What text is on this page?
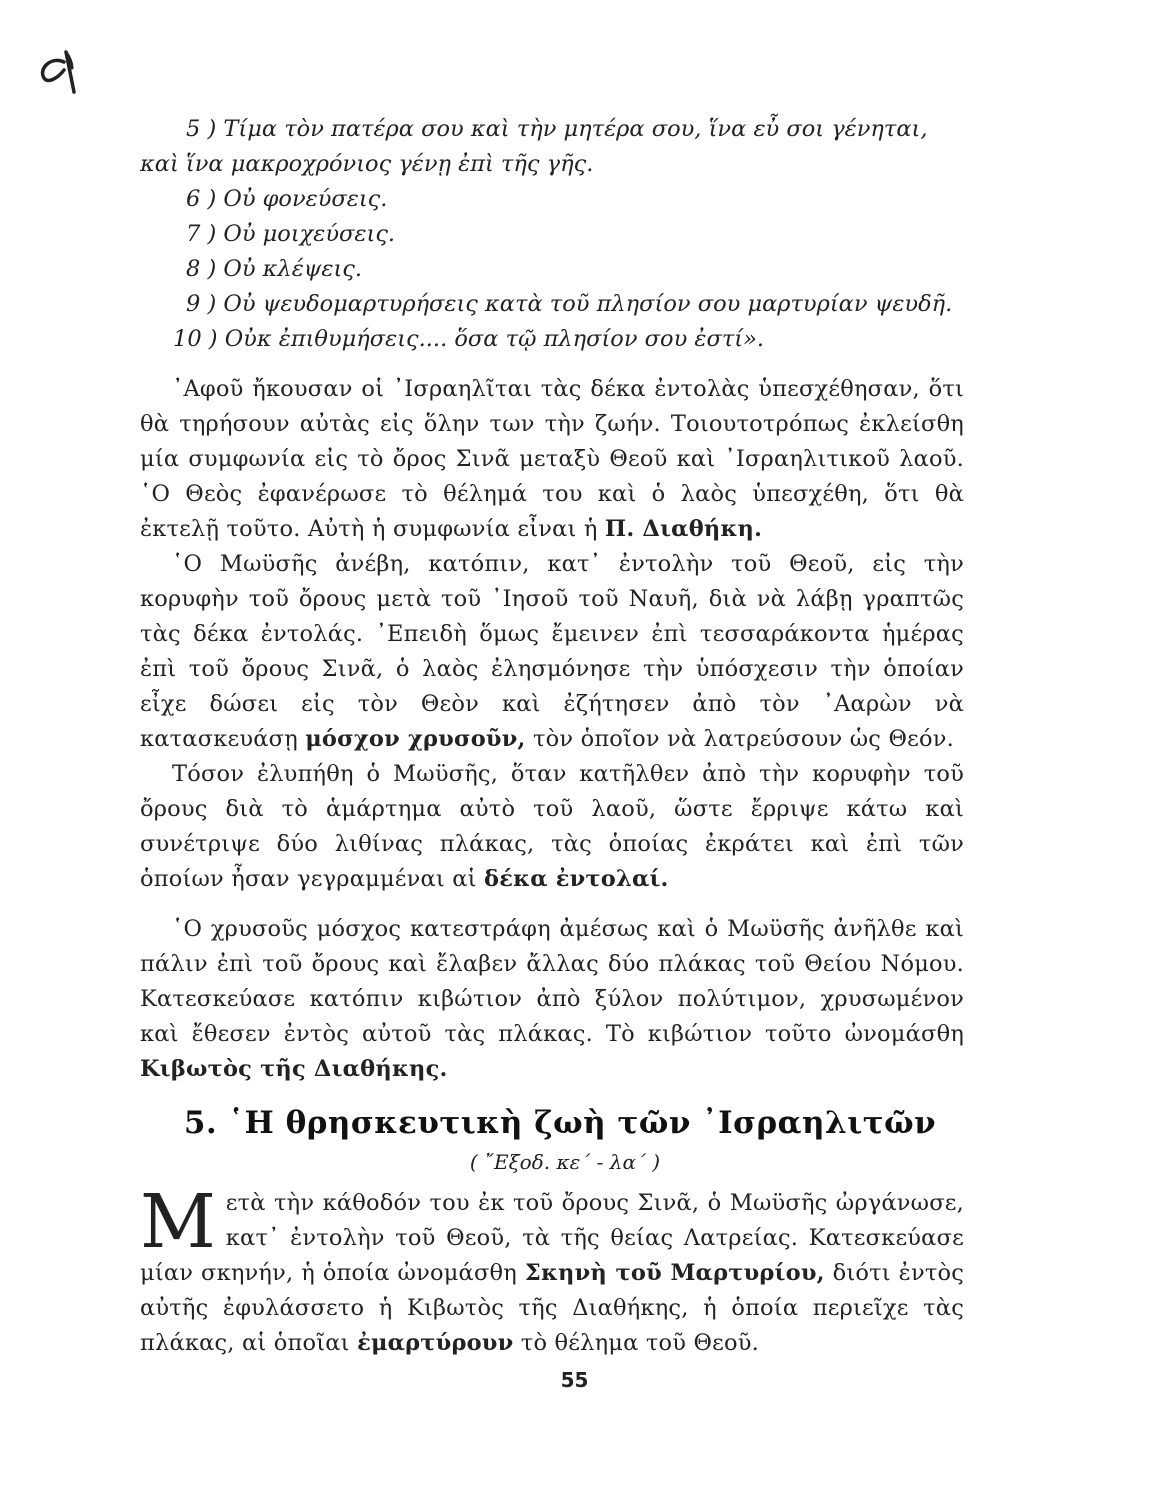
5 ) Τίμα τὸν πατέρα σου καὶ τὴν μητέρα σου, ἵνα εὖ σοι γένηται,
καὶ ἵνα μακροχρόνιος γένῃ ἐπὶ τῆς γῆς.
6 ) Οὐ φονεύσεις.
7 ) Οὐ μοιχεύσεις.
8 ) Οὐ κλέψεις.
9 ) Οὐ ψευδομαρτυρήσεις κατὰ τοῦ πλησίον σου μαρτυρίαν ψευδῆ.
10 ) Οὐκ ἐπιθυμήσεις.... ὅσα τῷ πλησίον σου ἐστί».

᾿Αφοῦ ἤκουσαν οἱ ᾿Ισραηλῖται τὰς δέκα ἐντολὰς ὑπεσχέθησαν, ὅτι θὰ τηρήσουν αὐτὰς εἰς ὅλην των τὴν ζωήν. Τοιουτοτρόπως ἐκλείσθη μία συμφωνία εἰς τὸ ὄρος Σινᾶ μεταξὺ Θεοῦ καὶ ᾿Ισραηλιτικοῦ λαοῦ. ῾Ο Θεὸς ἐφανέρωσε τὸ θέλημά του καὶ ὁ λαὸς ὑπεσχέθη, ὅτι θὰ ἐκτελῇ τοῦτο. Αὐτὴ ἡ συμφωνία εἶναι ἡ Π. Διαθήκη.

῾Ο Μωϋσῆς ἀνέβη, κατόπιν, κατ᾿ ἐντολὴν τοῦ Θεοῦ, εἰς τὴν κορυφὴν τοῦ ὄρους μετὰ τοῦ ᾿Ιησοῦ τοῦ Ναυῆ, διὰ νὰ λάβῃ γραπτῶς τὰς δέκα ἐντολάς. ᾿Επειδὴ ὅμως ἔμεινεν ἐπὶ τεσσαράκοντα ἡμέρας ἐπὶ τοῦ ὄρους Σινᾶ, ὁ λαὸς ἐλησμόνησε τὴν ὑπόσχεσιν τὴν ὁποίαν εἶχε δώσει εἰς τὸν Θεὸν καὶ ἐζήτησεν ἀπὸ τὸν ᾿Ααρὼν νὰ κατασκευάσῃ μόσχον χρυσοῦν, τὸν ὁποῖον νὰ λατρεύσουν ὡς Θεόν.

Τόσον ἐλυπήθη ὁ Μωϋσῆς, ὅταν κατῆλθεν ἀπὸ τὴν κορυφὴν τοῦ ὄρους διὰ τὸ ἁμάρτημα αὐτὸ τοῦ λαοῦ, ὥστε ἔρριψε κάτω καὶ συνέτριψε δύο λιθίνας πλάκας, τὰς ὁποίας ἐκράτει καὶ ἐπὶ τῶν ὁποίων ἦσαν γεγραμμέναι αἱ δέκα ἐντολαί.

῾Ο χρυσοῦς μόσχος κατεστράφη ἀμέσως καὶ ὁ Μωϋσῆς ἀνῆλθε καὶ πάλιν ἐπὶ τοῦ ὄρους καὶ ἔλαβεν ἄλλας δύο πλάκας τοῦ Θείου Νόμου. Κατεσκεύασε κατόπιν κιβώτιον ἀπὸ ξύλον πολύτιμον, χρυσωμένον καὶ ἔθεσεν ἐντὸς αὐτοῦ τὰς πλάκας. Τὸ κιβώτιον τοῦτο ὠνομάσθη Κιβωτὸς τῆς Διαθήκης.

5. ῾Η θρησκευτικὴ ζωὴ τῶν ᾿Ισραηλιτῶν
( ῎Εξοδ. κε΄ - λα΄ )
Μ ετὰ τὴν κάθοδόν του ἐκ τοῦ ὄρους Σινᾶ, ὁ Μωϋσῆς ὠργάνωσε, κατ᾿ ἐντολὴν τοῦ Θεοῦ, τὰ τῆς θείας Λατρείας. Κατεσκεύασε μίαν σκηνήν, ἡ ὁποία ὠνομάσθη Σκηνὴ τοῦ Μαρτυρίου, διότι ἐντὸς αὐτῆς ἐφυλάσσετο ἡ Κιβωτὸς τῆς Διαθήκης, ἡ ὁποία περιεῖχε τὰς πλάκας, αἱ ὁποῖαι ἐμαρτύρουν τὸ θέλημα τοῦ Θεοῦ.

55
